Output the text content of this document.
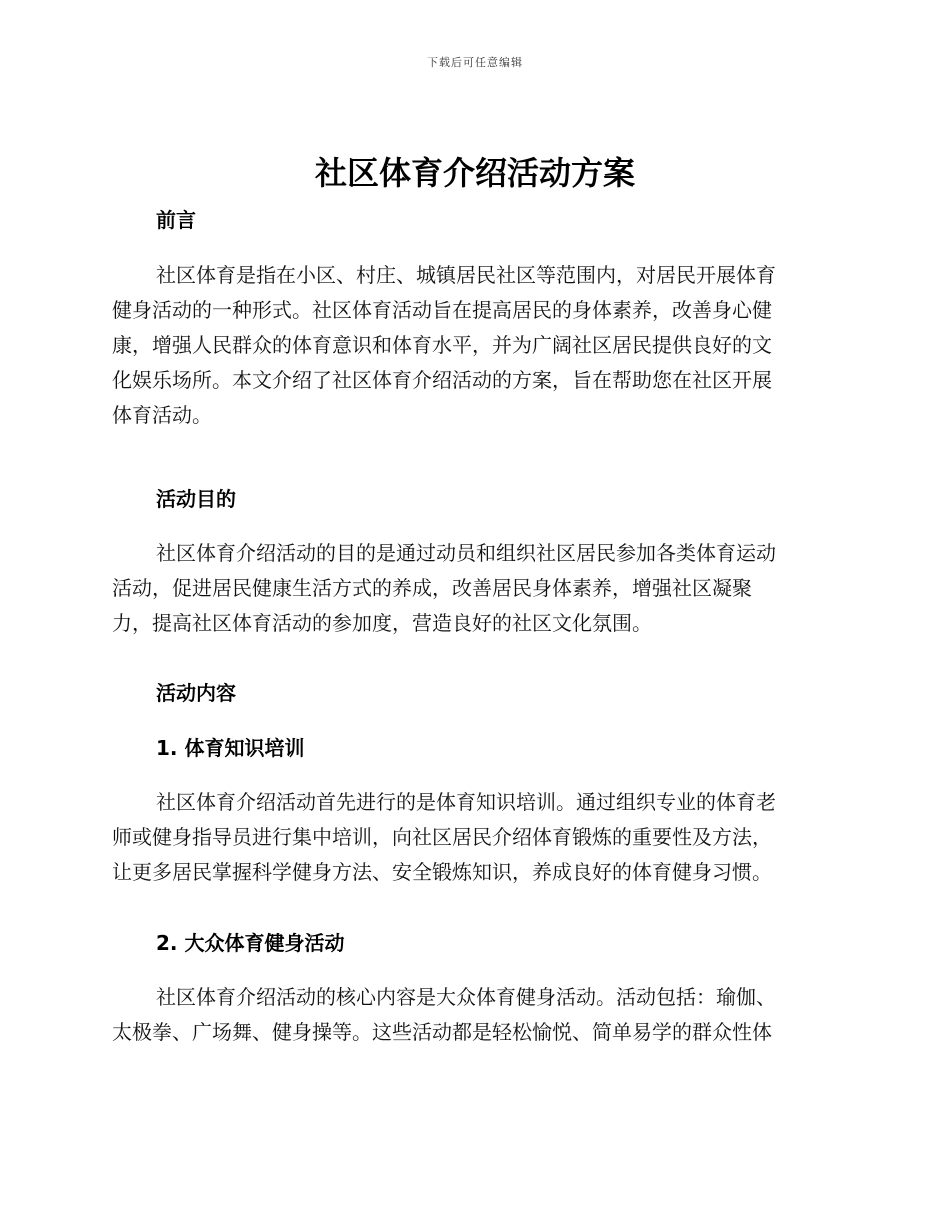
下载后可任意编辑
社区体育介绍活动方案
前言

社区体育是指在小区、村庄、城镇居民社区等范围内，对居民开展体育
健身活动的一种形式。社区体育活动旨在提高居民的身体素养，改善身心健
康，增强人民群众的体育意识和体育水平，并为广阔社区居民提供良好的文
化娱乐场所。本文介绍了社区体育介绍活动的方案，旨在帮助您在社区开展
体育活动。

活动目的

社区体育介绍活动的目的是通过动员和组织社区居民参加各类体育运动
活动，促进居民健康生活方式的养成，改善居民身体素养，增强社区凝聚
力，提高社区体育活动的参加度，营造良好的社区文化氛围。

活动内容
1. 体育知识培训

社区体育介绍活动首先进行的是体育知识培训。通过组织专业的体育老
师或健身指导员进行集中培训，向社区居民介绍体育锻炼的重要性及方法，
让更多居民掌握科学健身方法、安全锻炼知识，养成良好的体育健身习惯。

2. 大众体育健身活动

社区体育介绍活动的核心内容是大众体育健身活动。活动包括：瑜伽、
太极拳、广场舞、健身操等。这些活动都是轻松愉悦、简单易学的群众性体
